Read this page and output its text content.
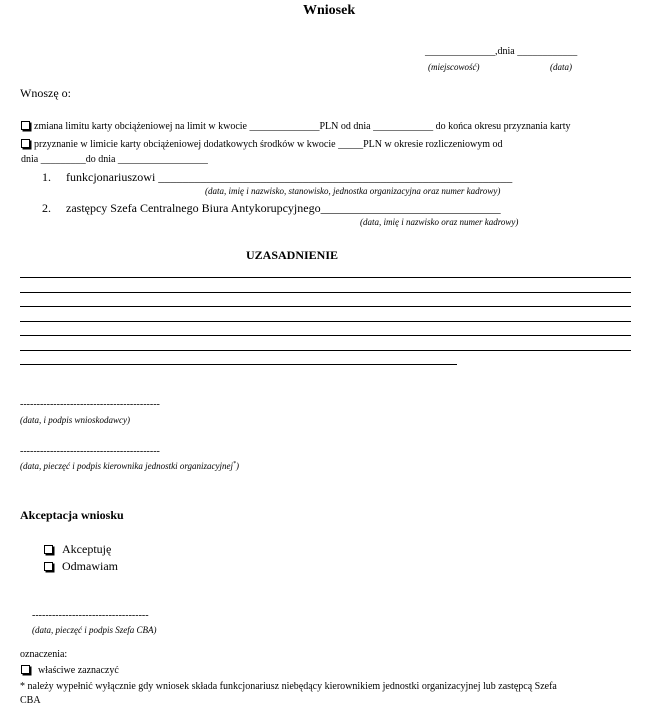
Wniosek
______________,dnia ____________
(miejscowość)	(data)
Wnoszę o:
zmiana limitu karty obciążeniowej na limit w kwocie ______________PLN od dnia ____________ do końca okresu przyznania karty
przyznanie w limicie karty obciążeniowej dodatkowych środków w kwocie _____PLN w okresie rozliczeniowym od
dnia _________do dnia __________________
1. funkcjonariuszowi ___________________________________________________________
(data, imię i nazwisko, stanowisko, jednostka organizacyjna oraz numer kadrowy)
2. zastępcy Szefa Centralnego Biura Antykorupcyjnego______________________________
(data, imię i nazwisko oraz numer kadrowy)
UZASADNIENIE
------------------------------------------
(data, i podpis wnioskodawcy)
------------------------------------------
(data, pieczęć i podpis kierownika jednostki organizacyjnej*)
Akceptacja wniosku
Akceptuję
Odmawiam
-----------------------------------
(data, pieczęć i podpis Szefa CBA)
oznaczenia:
właściwe zaznaczyć
* należy wypełnić wyłącznie gdy wniosek składa funkcjonariusz niebędący kierownikiem jednostki organizacyjnej lub zastępcą Szefa
CBA
